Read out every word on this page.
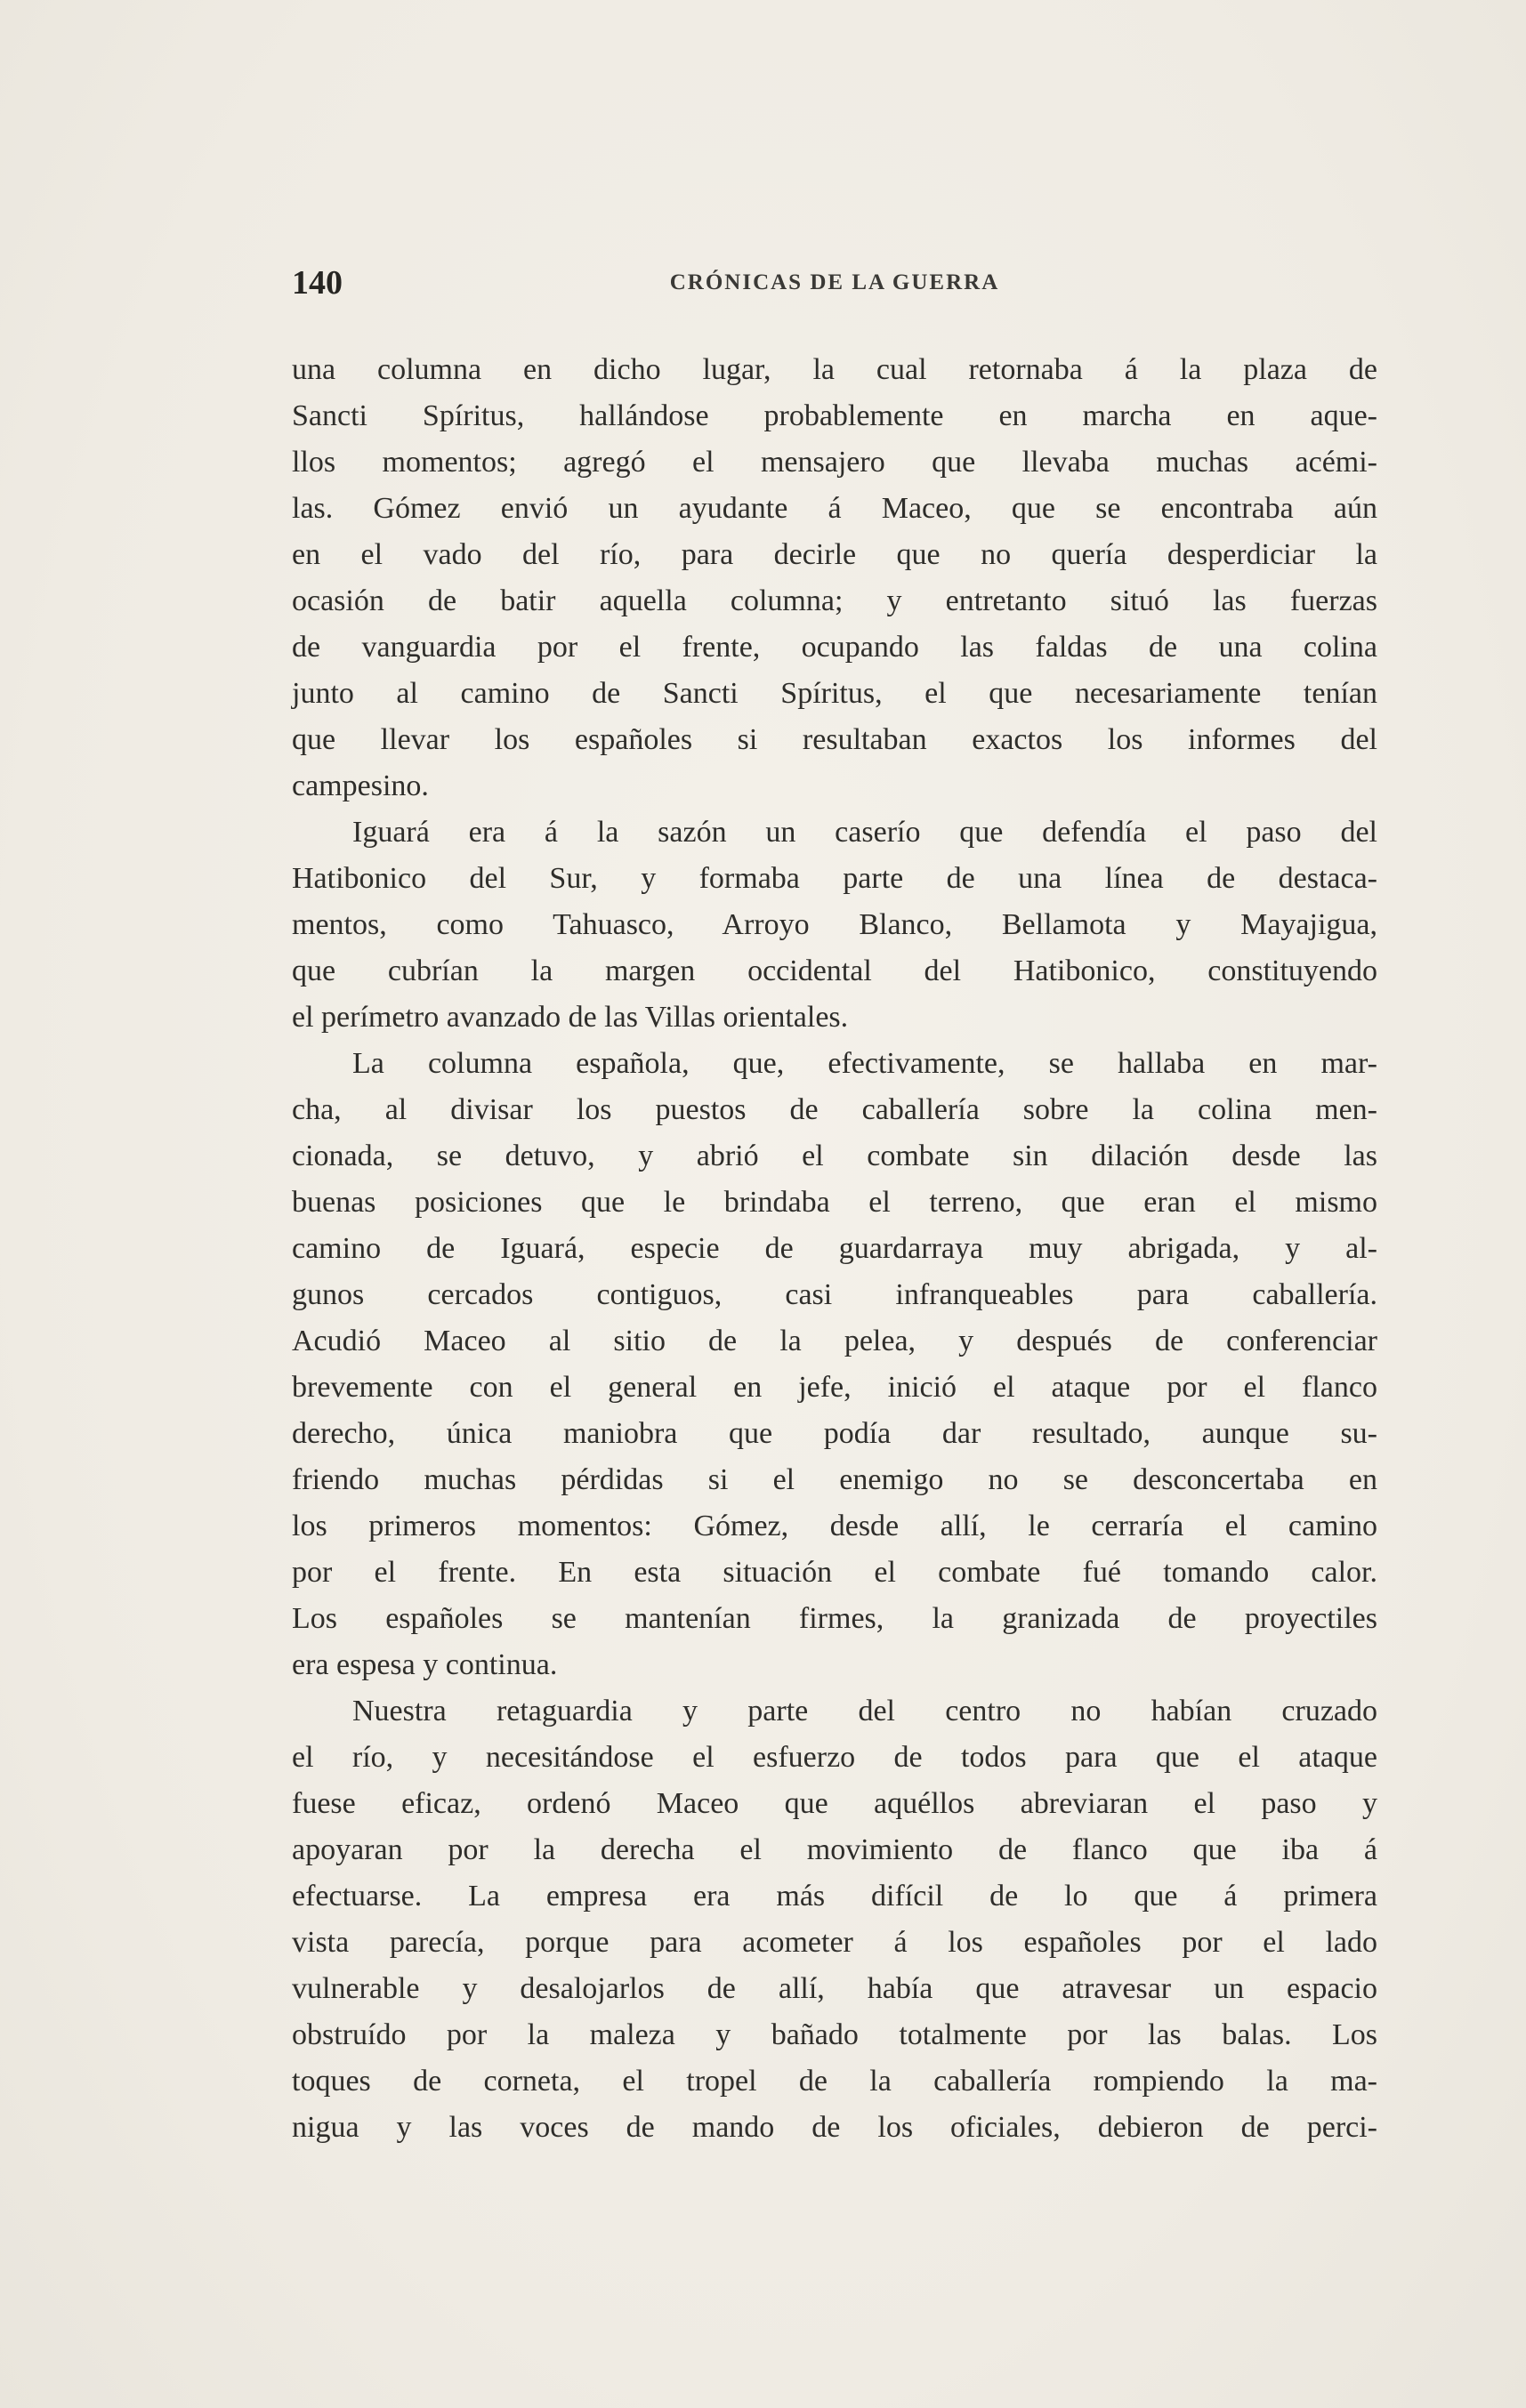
140	CRÓNICAS DE LA GUERRA
una columna en dicho lugar, la cual retornaba á la plaza de
Sancti Spíritus, hallándose probablemente en marcha en aque-
llos momentos; agregó el mensajero que llevaba muchas acémi-
las. Gómez envió un ayudante á Maceo, que se encontraba aún
en el vado del río, para decirle que no quería desperdiciar la
ocasión de batir aquella columna; y entretanto situó las fuerzas
de vanguardia por el frente, ocupando las faldas de una colina
junto al camino de Sancti Spíritus, el que necesariamente tenían
que llevar los españoles si resultaban exactos los informes del
campesino.
Iguará era á la sazón un caserío que defendía el paso del
Hatibonico del Sur, y formaba parte de una línea de destaca-
mentos, como Tahuasco, Arroyo Blanco, Bellamota y Mayajigua,
que cubrían la margen occidental del Hatibonico, constituyendo
el perímetro avanzado de las Villas orientales.
La columna española, que, efectivamente, se hallaba en mar-
cha, al divisar los puestos de caballería sobre la colina men-
cionada, se detuvo, y abrió el combate sin dilación desde las
buenas posiciones que le brindaba el terreno, que eran el mismo
camino de Iguará, especie de guardarraya muy abrigada, y al-
gunos cercados contiguos, casi infranqueables para caballería.
Acudió Maceo al sitio de la pelea, y después de conferenciar
brevemente con el general en jefe, inició el ataque por el flanco
derecho, única maniobra que podía dar resultado, aunque su-
friendo muchas pérdidas si el enemigo no se desconcertaba en
los primeros momentos: Gómez, desde allí, le cerraría el camino
por el frente. En esta situación el combate fué tomando calor.
Los españoles se mantenían firmes, la granizada de proyectiles
era espesa y continua.
Nuestra retaguardia y parte del centro no habían cruzado
el río, y necesitándose el esfuerzo de todos para que el ataque
fuese eficaz, ordenó Maceo que aquéllos abreviaran el paso y
apoyaran por la derecha el movimiento de flanco que iba á
efectuarse. La empresa era más difícil de lo que á primera
vista parecía, porque para acometer á los españoles por el lado
vulnerable y desalojarlos de allí, había que atravesar un espacio
obstruído por la maleza y bañado totalmente por las balas. Los
toques de corneta, el tropel de la caballería rompiendo la ma-
nigua y las voces de mando de los oficiales, debieron de perci-
